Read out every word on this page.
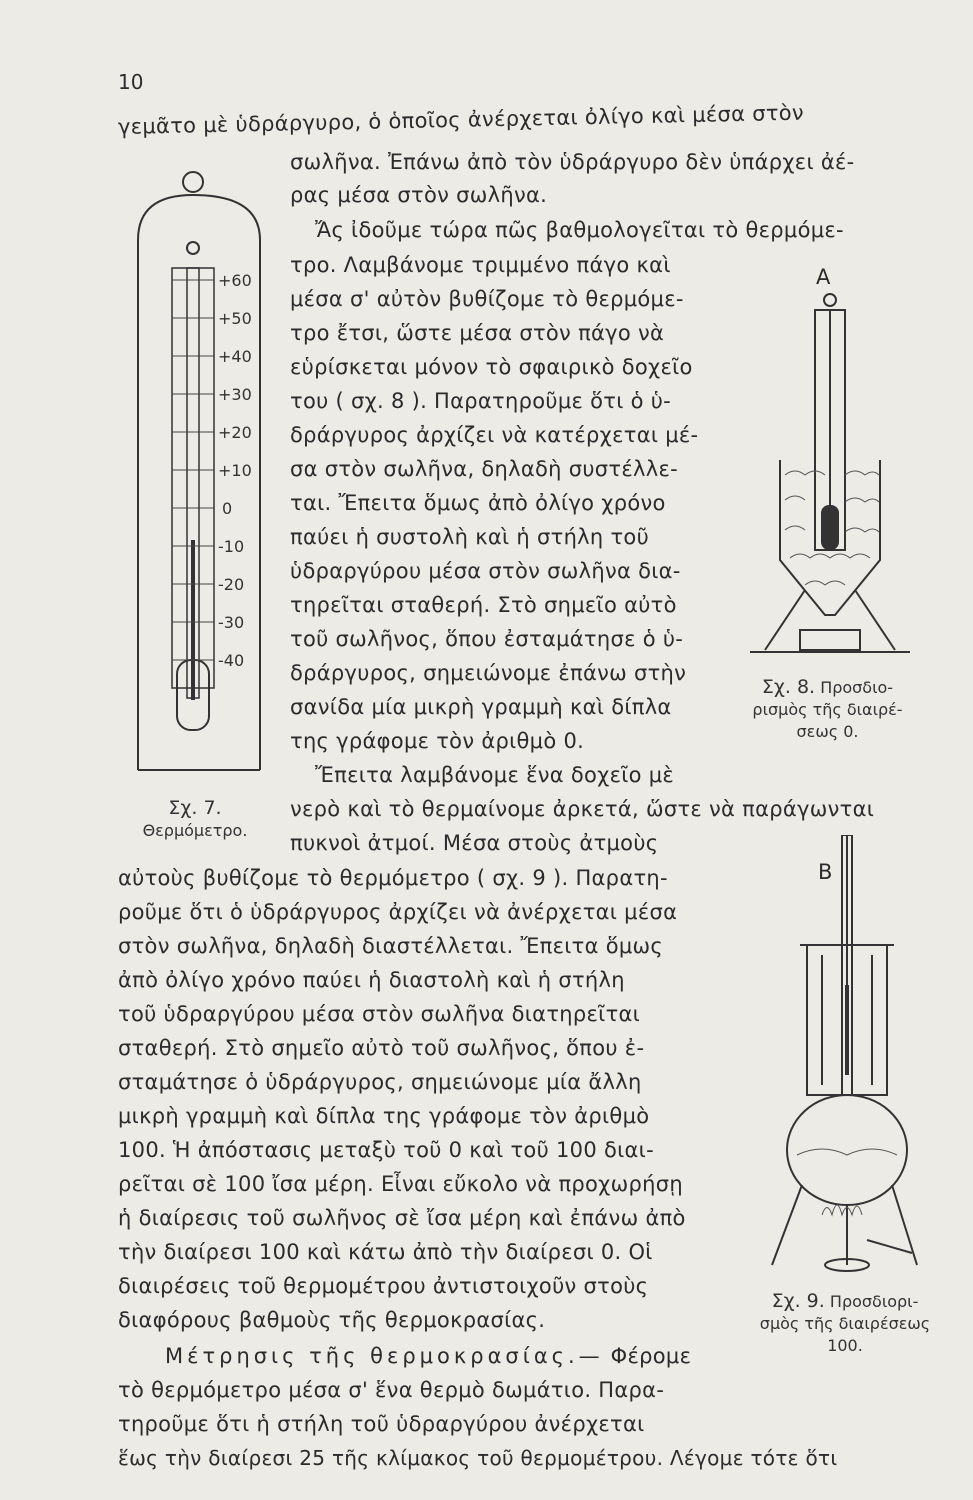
10
γεμᾶτο μὲ ὑδράργυρο, ὁ ὁποῖος ἀνέρχεται ὀλίγο καὶ μέσα στὸν
σωλῆνα. Ἐπάνω ἀπὸ τὸν ὑδράργυρο δὲν ὑπάρχει ἀέ-
ρας μέσα στὸν σωλῆνα.
Ἄς ἰδοῦμε τώρα πῶς βαθμολογεῖται τὸ θερμόμε-
τρο. Λαμβάνομε τριμμένο πάγο καὶ
μέσα σ' αὐτὸν βυθίζομε τὸ θερμόμε-
τρο ἔτσι, ὥστε μέσα στὸν πάγο νὰ
εὑρίσκεται μόνον τὸ σφαιρικὸ δοχεῖο
του ( σχ. 8 ). Παρατηροῦμε ὅτι ὁ ὑ-
δράργυρος ἀρχίζει νὰ κατέρχεται μέ-
σα στὸν σωλῆνα, δηλαδὴ συστέλλε-
ται. Ἔπειτα ὅμως ἀπὸ ὀλίγο χρόνο
παύει ἡ συστολὴ καὶ ἡ στήλη τοῦ
ὑδραργύρου μέσα στὸν σωλῆνα δια-
τηρεῖται σταθερή. Στὸ σημεῖο αὐτὸ
τοῦ σωλῆνος, ὅπου ἐσταμάτησε ὁ ὑ-
δράργυρος, σημειώνομε ἐπάνω στὴν
σανίδα μία μικρὴ γραμμὴ καὶ δίπλα
της γράφομε τὸν ἀριθμὸ 0.
Ἔπειτα λαμβάνομε ἕνα δοχεῖο μὲ
νερὸ καὶ τὸ θερμαίνομε ἀρκετά, ὥστε νὰ παράγωνται
πυκνοὶ ἀτμοί. Μέσα στοὺς ἀτμοὺς
αὐτοὺς βυθίζομε τὸ θερμόμετρο ( σχ. 9 ). Παρατη-
ροῦμε ὅτι ὁ ὑδράργυρος ἀρχίζει νὰ ἀνέρχεται μέσα
στὸν σωλῆνα, δηλαδὴ διαστέλλεται. Ἔπειτα ὅμως
ἀπὸ ὀλίγο χρόνο παύει ἡ διαστολὴ καὶ ἡ στήλη
τοῦ ὑδραργύρου μέσα στὸν σωλῆνα διατηρεῖται
σταθερή. Στὸ σημεῖο αὐτὸ τοῦ σωλῆνος, ὅπου ἐ-
σταμάτησε ὁ ὑδράργυρος, σημειώνομε μία ἄλλη
μικρὴ γραμμὴ καὶ δίπλα της γράφομε τὸν ἀριθμὸ
100. Ἡ ἀπόστασις μεταξὺ τοῦ 0 καὶ τοῦ 100 διαι-
ρεῖται σὲ 100 ἴσα μέρη. Εἶναι εὔκολο νὰ προχωρήσῃ
ἡ διαίρεσις τοῦ σωλῆνος σὲ ἴσα μέρη καὶ ἐπάνω ἀπὸ
τὴν διαίρεσι 100 καὶ κάτω ἀπὸ τὴν διαίρεσι 0. Οἱ
διαιρέσεις τοῦ θερμομέτρου ἀντιστοιχοῦν στοὺς
διαφόρους βαθμοὺς τῆς θερμοκρασίας.
Μέτρησις τῆς θερμοκρασίας.— Φέρομε
τὸ θερμόμετρο μέσα σ' ἕνα θερμὸ δωμάτιο. Παρα-
τηροῦμε ὅτι ἡ στήλη τοῦ ὑδραργύρου ἀνέρχεται
ἕως τὴν διαίρεσι 25 τῆς κλίμακος τοῦ θερμομέτρου. Λέγομε τότε ὅτι
+60
+50
+40
+30
+20
+10
0
-10
-20
-30
-40
Σχ. 7.
Θερμόμετρο.
A
Σχ. 8. Προσδιο-
ρισμὸς τῆς διαιρέ-
σεως 0.
B
Σχ. 9. Προσδιορι-
σμὸς τῆς διαιρέσεως
100.
